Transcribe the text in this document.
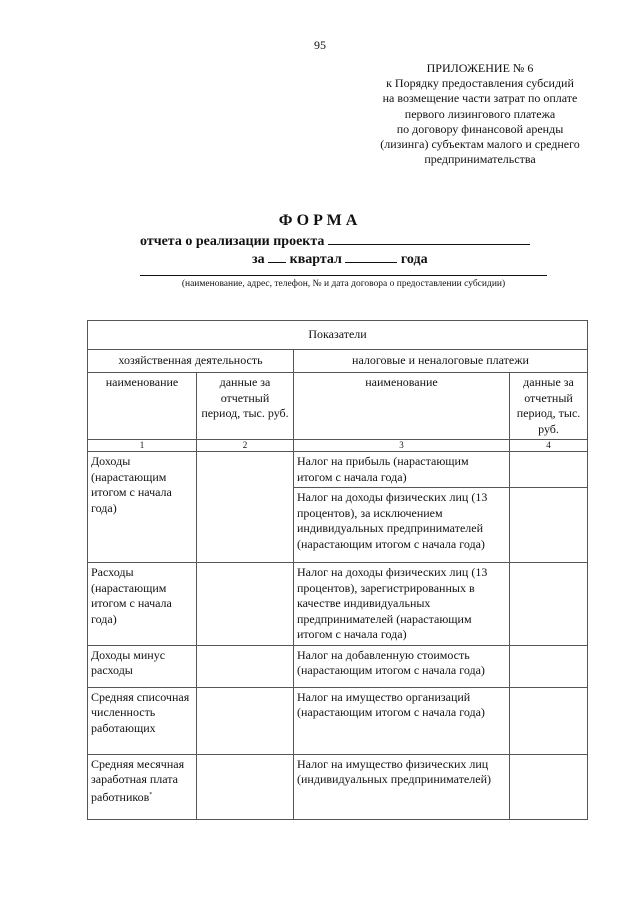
95
ПРИЛОЖЕНИЕ № 6
к Порядку предоставления субсидий
на возмещение части затрат по оплате
первого лизингового платежа
по договору финансовой аренды
(лизинга) субъектам малого и среднего
предпринимательства
ФОРМА
отчета о реализации проекта
за квартал	года
(наименование, адрес, телефон, № и дата договора о предоставлении субсидии)
Показатели			
хозяйственная деятельность		налоговые и неналоговые платежи	
наименование	данные за отчетный период, тыс. руб.	наименование	данные за отчетный период, тыс. руб.
1	2	3	4
Доходы (нарастающим итогом с начала года)		Налог на прибыль (нарастающим итогом с начала года)	
		Налог на доходы физических лиц (13 процентов), за исключением индивидуальных предпринимателей (нарастающим итогом с начала года)	
Расходы (нарастающим итогом с начала года)		Налог на доходы физических лиц (13 процентов), зарегистрированных в качестве индивидуальных предпринимателей (нарастающим итогом с начала года)	
Доходы минус расходы		Налог на добавленную стоимость (нарастающим итогом с начала года)	
Средняя списочная численность работающих		Налог на имущество организаций (нарастающим итогом с начала года)	
Средняя месячная заработная плата работников*		Налог на имущество физических лиц (индивидуальных предпринимателей)	
